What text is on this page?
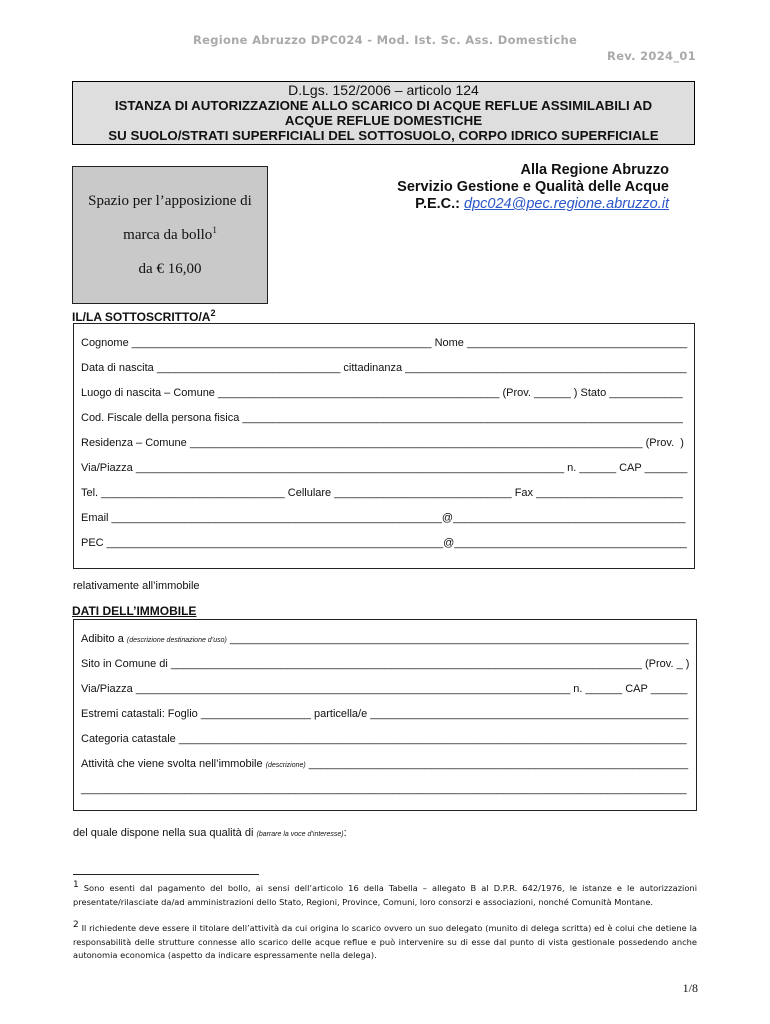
Regione Abruzzo DPC024 - Mod. Ist. Sc. Ass. Domestiche
Rev. 2024_01
D.Lgs. 152/2006 – articolo 124
ISTANZA DI AUTORIZZAZIONE ALLO SCARICO DI ACQUE REFLUE ASSIMILABILI AD
ACQUE REFLUE DOMESTICHE
SU SUOLO/STRATI SUPERFICIALI DEL SOTTOSUOLO, CORPO IDRICO SUPERFICIALE
Spazio per l’apposizione di
marca da bollo$^1$
da € 16,00
Alla Regione Abruzzo
Servizio Gestione e Qualità delle Acque
P.E.C.: dpc024@pec.regione.abruzzo.it
IL/LA SOTTOSCRITTO/$A^2$
Cognome _________________________________________________ Nome ____________________________________
Data di nascita ______________________________ cittadinanza ______________________________________________
Luogo di nascita – Comune ______________________________________________ (Prov. ______ ) Stato ____________
Cod. Fiscale della persona fisica ________________________________________________________________________
Residenza – Comune __________________________________________________________________________ (Prov.  )
Via/Piazza ______________________________________________________________________ n. ______ CAP _______
Tel. ______________________________ Cellulare _____________________________ Fax ________________________
Email ______________________________________________________@______________________________________
PEC _______________________________________________________@______________________________________
relativamente all’immobile
DATI DELL’IMMOBILE
Adibito a (descrizione destinazione d’uso) ___________________________________________________________________________
Sito in Comune di _____________________________________________________________________________ (Prov. _ )
Via/Piazza _______________________________________________________________________ n. ______ CAP ______
Estremi catastali: Foglio __________________ particella/e ____________________________________________________
Categoria catastale ___________________________________________________________________________________
Attività che viene svolta nell’immobile (descrizione) ______________________________________________________________
___________________________________________________________________________________________________
del quale dispone nella sua qualità di (barrare la voce d’interesse):
$^1$ Sono esenti dal pagamento del bollo, ai sensi dell’articolo 16 della Tabella – allegato B al D.P.R. 642/1976, le istanze e le autorizzazioni presentate/rilasciate da/ad amministrazioni dello Stato, Regioni, Province, Comuni, loro consorzi e associazioni, nonché Comunità Montane.
$^2$ Il richiedente deve essere il titolare dell’attività da cui origina lo scarico ovvero un suo delegato (munito di delega scritta) ed è colui che detiene la responsabilità delle strutture connesse allo scarico delle acque reflue e può intervenire su di esse dal punto di vista gestionale possedendo anche autonomia economica (aspetto da indicare espressamente nella delega).
1/8
